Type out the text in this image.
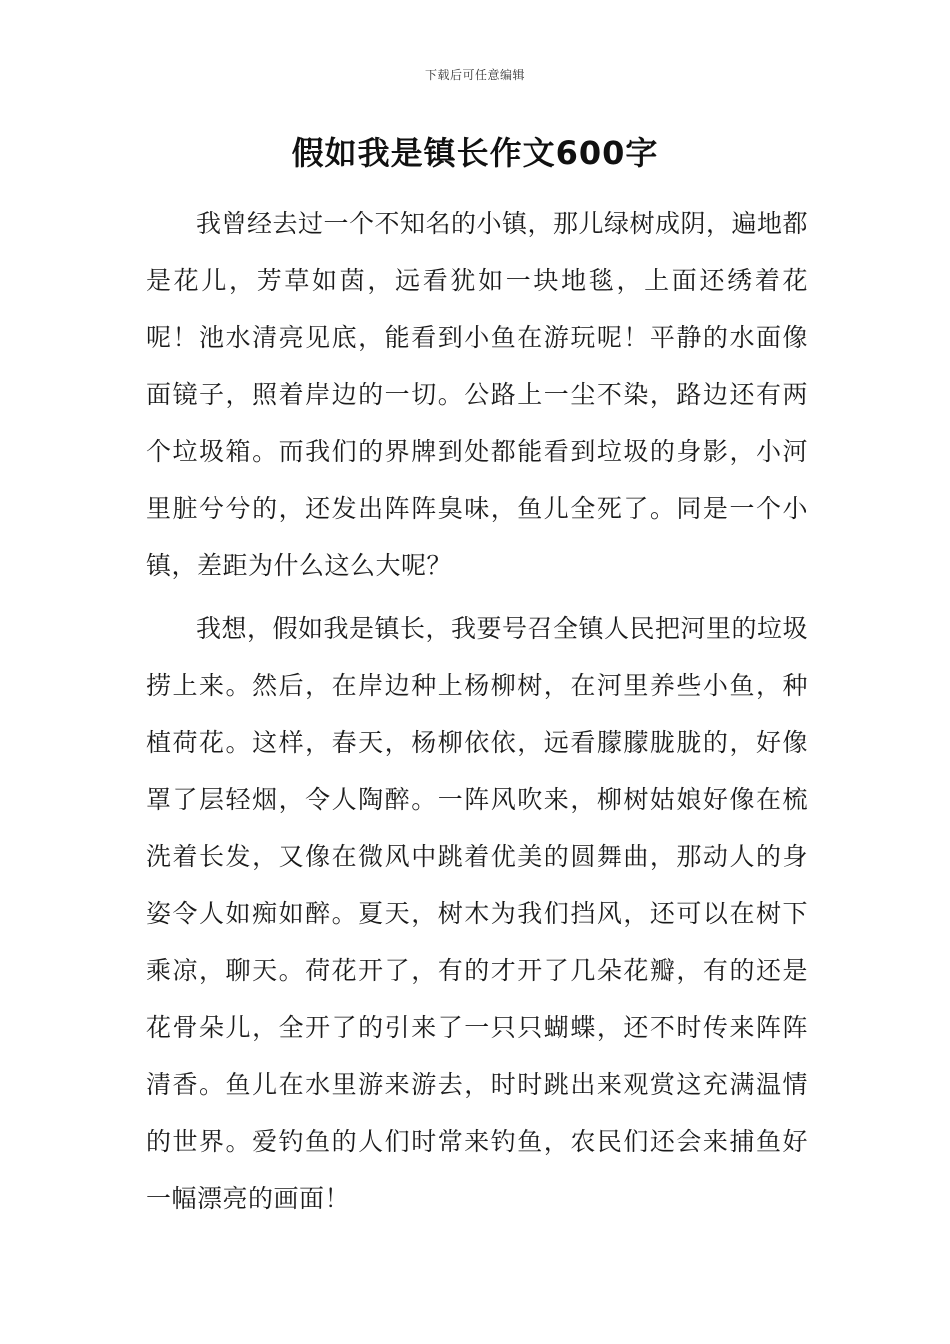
下载后可任意编辑
假如我是镇长作文600字

我曾经去过一个不知名的小镇，那儿绿树成阴，遍地都是花儿，芳草如茵，远看犹如一块地毯，上面还绣着花呢！池水清亮见底，能看到小鱼在游玩呢！平静的水面像面镜子，照着岸边的一切。公路上一尘不染，路边还有两个垃圾箱。而我们的界牌到处都能看到垃圾的身影，小河里脏兮兮的，还发出阵阵臭味，鱼儿全死了。同是一个小镇，差距为什么这么大呢？

我想，假如我是镇长，我要号召全镇人民把河里的垃圾捞上来。然后，在岸边种上杨柳树，在河里养些小鱼，种植荷花。这样，春天，杨柳依依，远看朦朦胧胧的，好像罩了层轻烟，令人陶醉。一阵风吹来，柳树姑娘好像在梳洗着长发，又像在微风中跳着优美的圆舞曲，那动人的身姿令人如痴如醉。夏天，树木为我们挡风，还可以在树下乘凉，聊天。荷花开了，有的才开了几朵花瓣，有的还是花骨朵儿，全开了的引来了一只只蝴蝶，还不时传来阵阵清香。鱼儿在水里游来游去，时时跳出来观赏这充满温情的世界。爱钓鱼的人们时常来钓鱼，农民们还会来捕鱼好一幅漂亮的画面！
